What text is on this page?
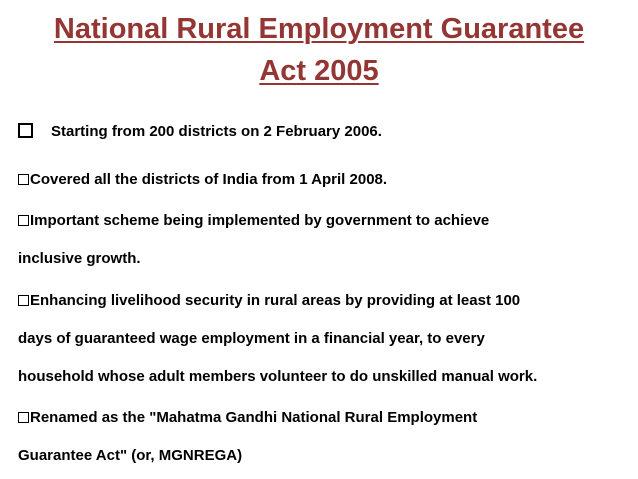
National Rural Employment Guarantee
Act 2005
Starting from 200 districts on 2 February 2006.
Covered all the districts of India from 1 April 2008.
Important scheme being implemented by government to achieve
inclusive growth.
Enhancing livelihood security in rural areas by providing at least 100
days of guaranteed wage employment in a financial year, to every
household whose adult members volunteer to do unskilled manual work.
Renamed as the "Mahatma Gandhi National Rural Employment
Guarantee Act" (or, MGNREGA)
